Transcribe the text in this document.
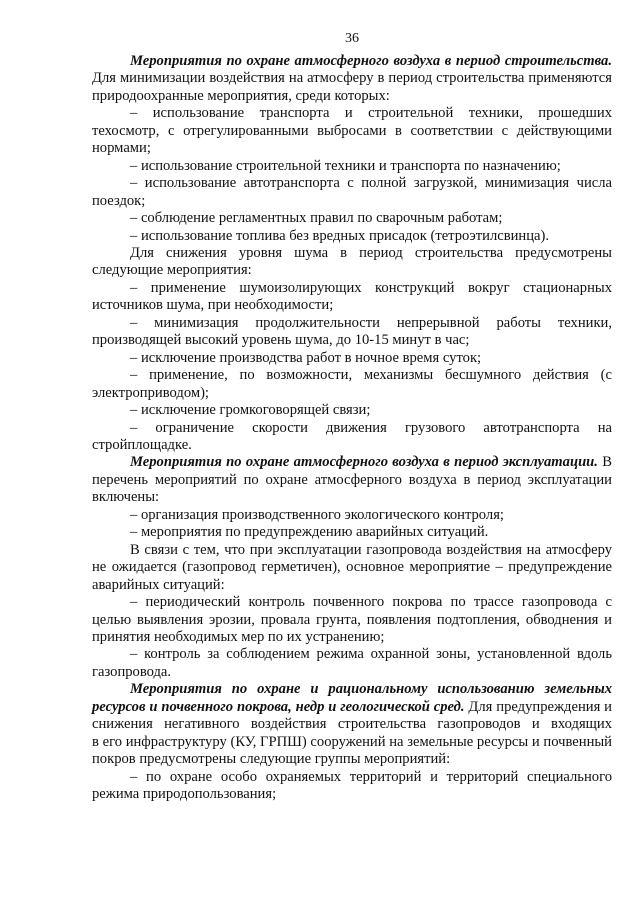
36

Мероприятия по охране атмосферного воздуха в период строительства. Для минимизации воздействия на атмосферу в период строительства применяются природоохранные мероприятия, среди которых:

– использование транспорта и строительной техники, прошедших техосмотр, с отрегулированными выбросами в соответствии с действующими нормами;

– использование строительной техники и транспорта по назначению;

– использование автотранспорта с полной загрузкой, минимизация числа поездок;

– соблюдение регламентных правил по сварочным работам;

– использование топлива без вредных присадок (тетроэтилсвинца).

Для снижения уровня шума в период строительства предусмотрены следующие мероприятия:

– применение шумоизолирующих конструкций вокруг стационарных источников шума, при необходимости;

– минимизация продолжительности непрерывной работы техники, производящей высокий уровень шума, до 10-15 минут в час;

– исключение производства работ в ночное время суток;

– применение, по возможности, механизмы бесшумного действия (с электроприводом);

– исключение громкоговорящей связи;

– ограничение скорости движения грузового автотранспорта на стройплощадке.

Мероприятия по охране атмосферного воздуха в период эксплуатации. В перечень мероприятий по охране атмосферного воздуха в период эксплуатации включены:

– организация производственного экологического контроля;

– мероприятия по предупреждению аварийных ситуаций.

В связи с тем, что при эксплуатации газопровода воздействия на атмосферу не ожидается (газопровод герметичен), основное мероприятие – предупреждение аварийных ситуаций:

– периодический контроль почвенного покрова по трассе газопровода с целью выявления эрозии, провала грунта, появления подтопления, обводнения и принятия необходимых мер по их устранению;

– контроль за соблюдением режима охранной зоны, установленной вдоль газопровода.

Мероприятия по охране и рациональному использованию земельных ресурсов и почвенного покрова, недр и геологической сред. Для предупреждения и снижения негативного воздействия строительства газопроводов и входящих

в его инфраструктуру (КУ, ГРПШ) сооружений на земельные ресурсы и почвенный покров предусмотрены следующие группы мероприятий:

– по охране особо охраняемых территорий и территорий специального режима природопользования;
